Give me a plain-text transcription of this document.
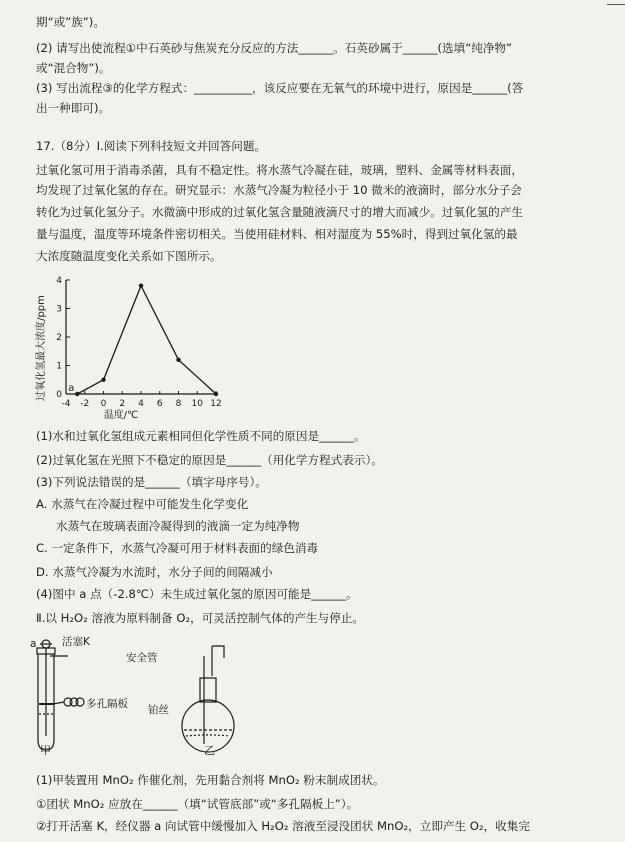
期“或”族”)。
(2) 请写出使流程①中石英砂与焦炭充分反应的方法______。石英砂属于______(选填“纯净物”
或“混合物”)。
(3) 写出流程③的化学方程式：__________，该反应要在无氧气的环境中进行，原因是______(答
出一种即可)。
17.（8分）Ⅰ.阅读下列科技短文并回答问题。
过氧化氢可用于消毒杀菌，具有不稳定性。将水蒸气冷凝在硅，玻璃，塑料、金属等材料表面，
均发现了过氧化氢的存在。研究显示：水蒸气冷凝为粒径小于 10 微米的液滴时，部分水分子会
转化为过氧化氢分子。水微滴中形成的过氧化氢含量随液滴尺寸的增大而减少。过氧化氢的产生
量与温度，温度等环境条件密切相关。当使用硅材料、相对湿度为 55%时，得到过氧化氢的最
大浓度随温度变化关系如下图所示。
过氧化氢最大浓度/ppm 0
1
2
3
4
-4 -2 0 2 4 6 8 10 12
a
温度/℃
(1)水和过氧化氢组成元素相同但化学性质不同的原因是______。
(2)过氧化氢在光照下不稳定的原因是______（用化学方程式表示）。
(3)下列说法错误的是______（填字母序号）。
A. 水蒸气在冷凝过程中可能发生化学变化
水蒸气在玻璃表面冷凝得到的液滴一定为纯净物
C. 一定条件下，水蒸气冷凝可用于材料表面的绿色消毒
D. 水蒸气冷凝为水流时，水分子间的间隔减小
(4)图中 a 点（-2.8℃）未生成过氧化氢的原因可能是______。
Ⅱ.以 H₂O₂ 溶液为原料制备 O₂，可灵活控制气体的产生与停止。
a 活塞K
多孔隔板
安全管
铂丝
甲	乙
(1)甲装置用 MnO₂ 作催化剂，先用黏合剂将 MnO₂ 粉末制成团状。
①团状 MnO₂ 应放在______（填“试管底部”或“多孔隔板上”）。
②打开活塞 K，经仪器 a 向试管中缓慢加入 H₂O₂ 溶液至浸没团状 MnO₂，立即产生 O₂，收集完
